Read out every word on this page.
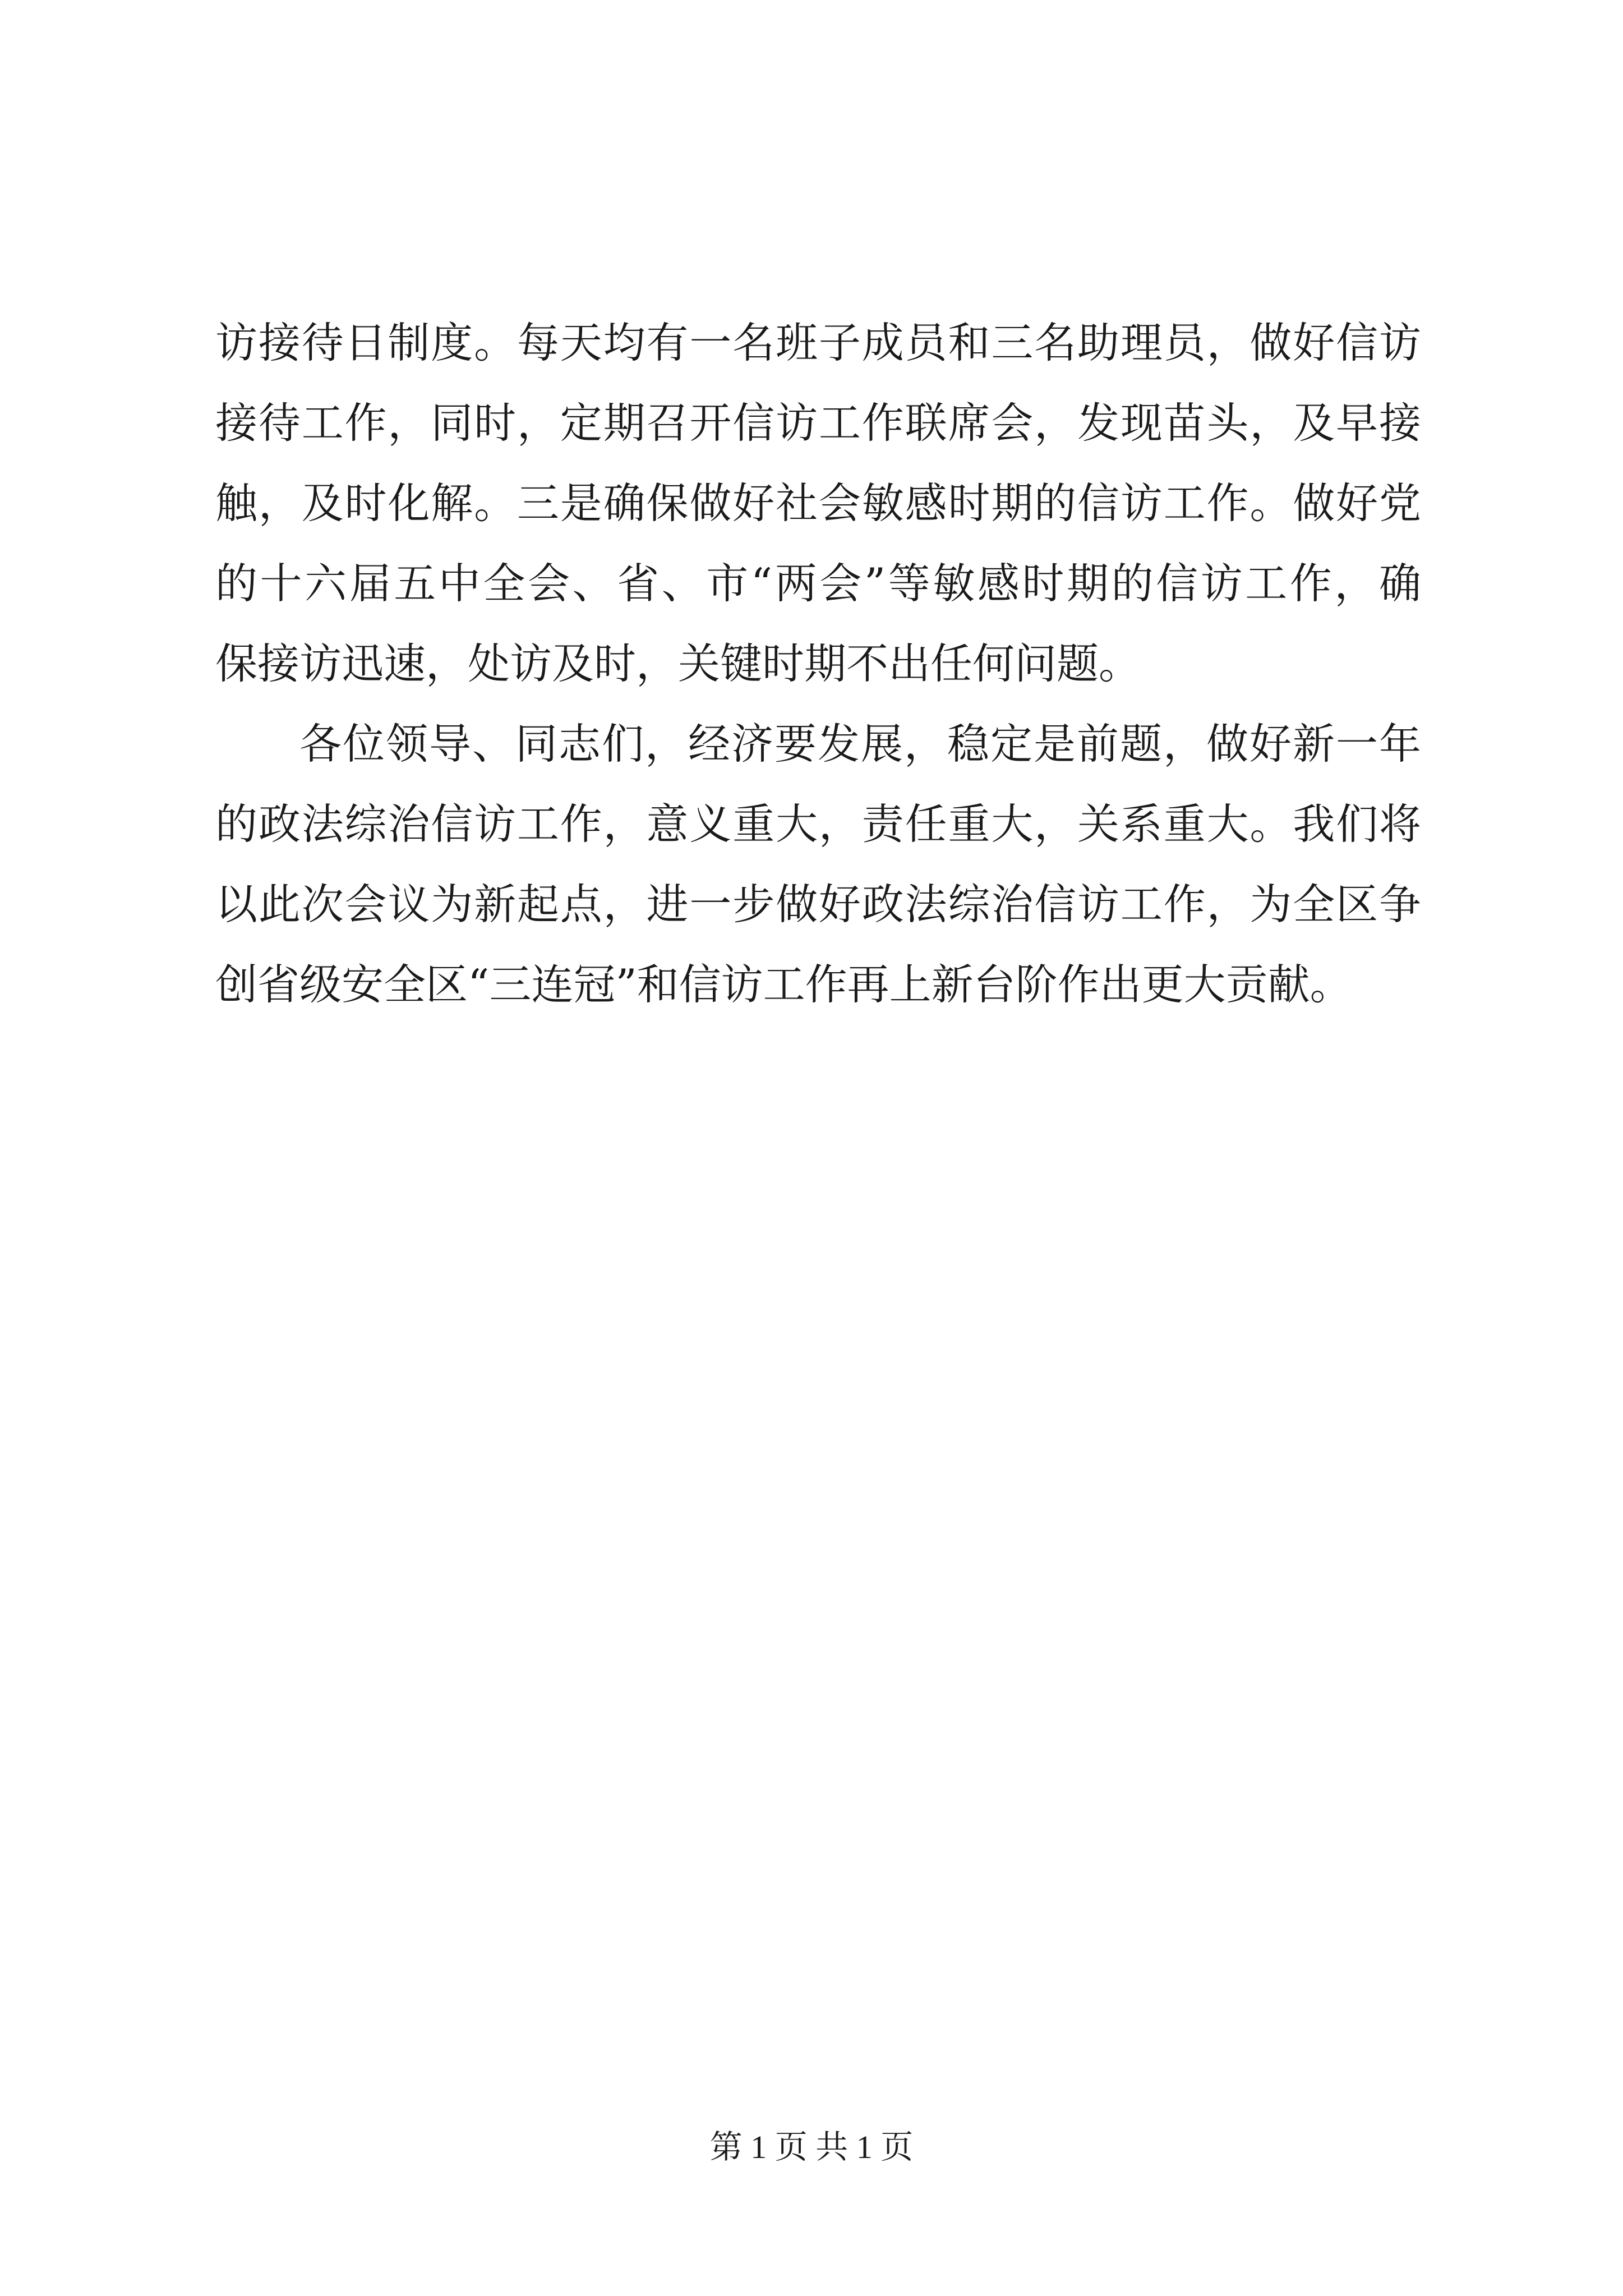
访接待日制度。每天均有一名班子成员和三名助理员，做好信访
接待工作，同时，定期召开信访工作联席会，发现苗头，及早接
触，及时化解。三是确保做好社会敏感时期的信访工作。做好党
的十六届五中全会、省、市“两会”等敏感时期的信访工作，确
保接访迅速，处访及时，关键时期不出任何问题。
各位领导、同志们，经济要发展，稳定是前题，做好新一年
的政法综治信访工作，意义重大，责任重大，关系重大。我们将
以此次会议为新起点，进一步做好政法综治信访工作，为全区争
创省级安全区“三连冠”和信访工作再上新台阶作出更大贡献。
第 1 页 共 1 页
